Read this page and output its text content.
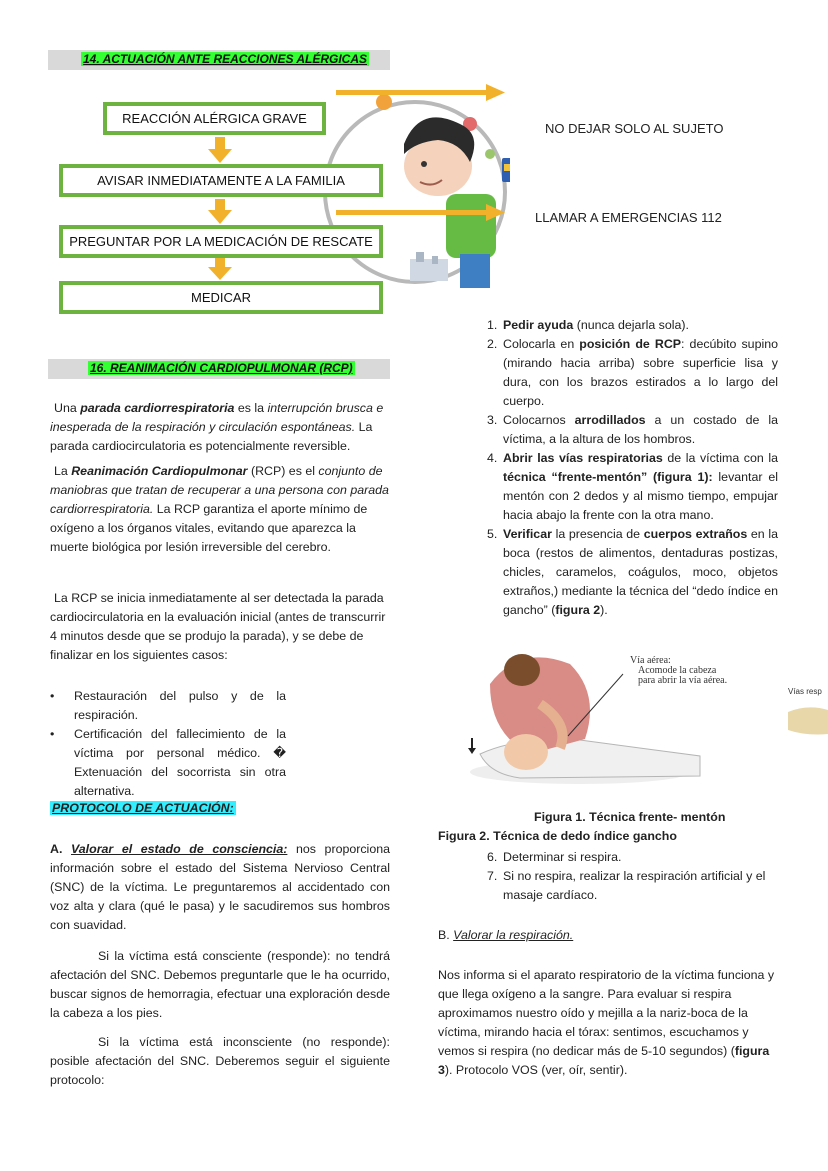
14. ACTUACIÓN ANTE REACCIONES ALÉRGICAS
REACCIÓN ALÉRGICA GRAVE
AVISAR INMEDIATAMENTE A LA FAMILIA
PREGUNTAR POR LA MEDICACIÓN DE RESCATE
MEDICAR
NO DEJAR SOLO AL SUJETO
LLAMAR A EMERGENCIAS 112
16. REANIMACIÓN CARDIOPULMONAR (RCP)

Una parada cardiorrespiratoria es la interrupción brusca e inesperada de la respiración y circulación espontáneas. La parada cardiocirculatoria es potencialmente reversible.

La Reanimación Cardiopulmonar (RCP) es el conjunto de maniobras que tratan de recuperar a una persona con parada cardiorrespiratoria. La RCP garantiza el aporte mínimo de oxígeno a los órganos vitales, evitando que aparezca la muerte biológica por lesión irreversible del cerebro.

La RCP se inicia inmediatamente al ser detectada la parada cardiocirculatoria en la evaluación inicial (antes de transcurrir 4 minutos desde que se produjo la parada), y se debe de finalizar en los siguientes casos:

• Restauración del pulso y de la respiración.
• Certificación del fallecimiento de la víctima por personal médico. � Extenuación del socorrista sin otra alternativa.
PROTOCOLO DE ACTUACIÓN:

A. Valorar el estado de consciencia: nos proporciona información sobre el estado del Sistema Nervioso Central (SNC) de la víctima. Le preguntaremos al accidentado con voz alta y clara (qué le pasa) y le sacudiremos sus hombros con suavidad.

Si la víctima está consciente (responde): no tendrá afectación del SNC. Debemos preguntarle que le ha ocurrido, buscar signos de hemorragia, efectuar una exploración desde la cabeza a los pies.

Si la víctima está inconsciente (no responde): posible afectación del SNC. Deberemos seguir el siguiente protocolo:

1. Pedir ayuda (nunca dejarla sola).
2. Colocarla en posición de RCP: decúbito supino (mirando hacia arriba) sobre superficie lisa y dura, con los brazos estirados a lo largo del cuerpo.
3. Colocarnos arrodillados a un costado de la víctima, a la altura de los hombros.
4. Abrir las vías respiratorias de la víctima con la técnica “frente-mentón” (figura 1): levantar el mentón con 2 dedos y al mismo tiempo, empujar hacia abajo la frente con la otra mano.
5. Verificar la presencia de cuerpos extraños en la boca (restos de alimentos, dentaduras postizas, chicles, caramelos, coágulos, moco, objetos extraños,) mediante la técnica del “dedo índice en gancho” (figura 2).
Vía aérea:
Acomode la cabeza
para abrir la vía aérea.
Vías resp
Figura 1. Técnica frente- mentón
Figura 2. Técnica de dedo índice gancho
6. Determinar si respira.
7. Si no respira, realizar la respiración artificial y el masaje cardíaco.
B. Valorar la respiración.

Nos informa si el aparato respiratorio de la víctima funciona y que llega oxígeno a la sangre. Para evaluar si respira aproximamos nuestro oído y mejilla a la nariz-boca de la víctima, mirando hacia el tórax: sentimos, escuchamos y vemos si respira (no dedicar más de 5-10 segundos) (figura 3). Protocolo VOS (ver, oír, sentir).
